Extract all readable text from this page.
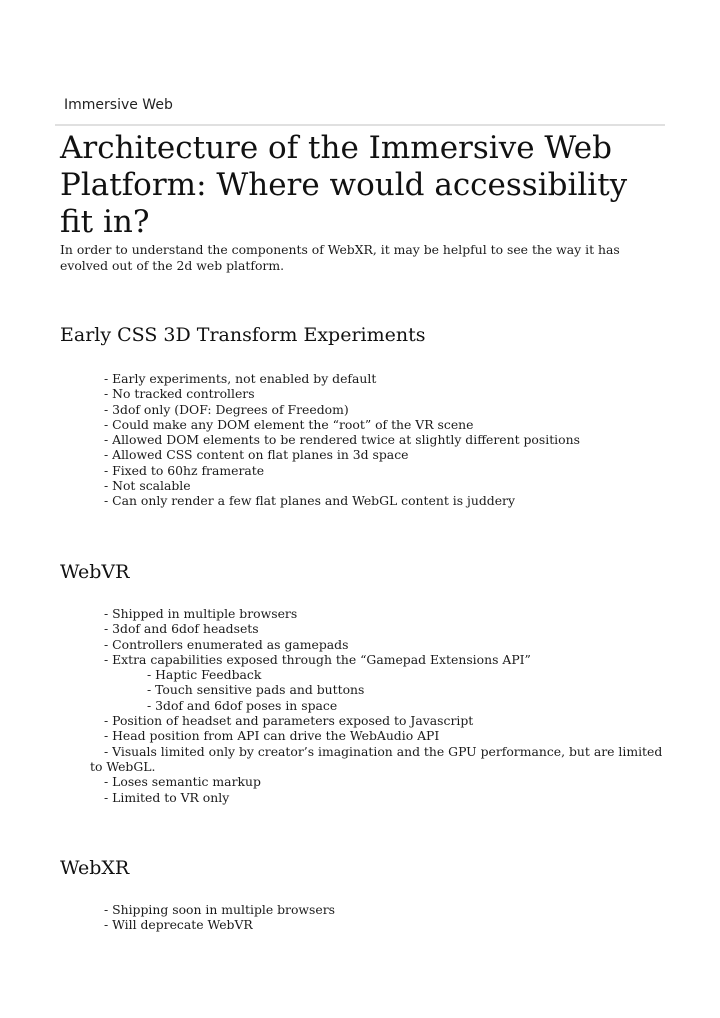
Immersive Web
Architecture of the Immersive Web Platform: Where would accessibility fit in?

In order to understand the components of WebXR, it may be helpful to see the way it has evolved out of the 2d web platform.

Early CSS 3D Transform Experiments
- Early experiments, not enabled by default
- No tracked controllers
- 3dof only (DOF: Degrees of Freedom)
- Could make any DOM element the “root” of the VR scene
- Allowed DOM elements to be rendered twice at slightly different positions
- Allowed CSS content on flat planes in 3d space
- Fixed to 60hz framerate
- Not scalable
- Can only render a few flat planes and WebGL content is juddery
WebVR
- Shipped in multiple browsers
- 3dof and 6dof headsets
- Controllers enumerated as gamepads
- Extra capabilities exposed through the “Gamepad Extensions API”
- Haptic Feedback
- Touch sensitive pads and buttons
- 3dof and 6dof poses in space
- Position of headset and parameters exposed to Javascript
- Head position from API can drive the WebAudio API
- Visuals limited only by creator’s imagination and the GPU performance, but are limited to WebGL.
- Loses semantic markup
- Limited to VR only
WebXR
- Shipping soon in multiple browsers
- Will deprecate WebVR
